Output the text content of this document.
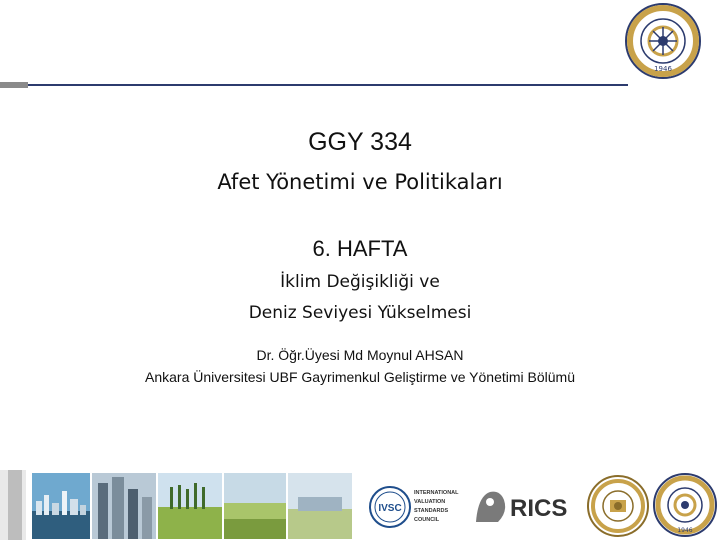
1946
GGY 334
Afet Yönetimi ve Politikaları
6. HAFTA
İklim Değişikliği ve
Deniz Seviyesi Yükselmesi
Dr. Öğr.Üyesi Md Moynul AHSAN
Ankara Üniversitesi UBF Gayrimenkul Geliştirme ve Yönetimi Bölümü
IVSC
INTERNATIONAL
VALUATION
STANDARDS
COUNCIL	RICS
1946
